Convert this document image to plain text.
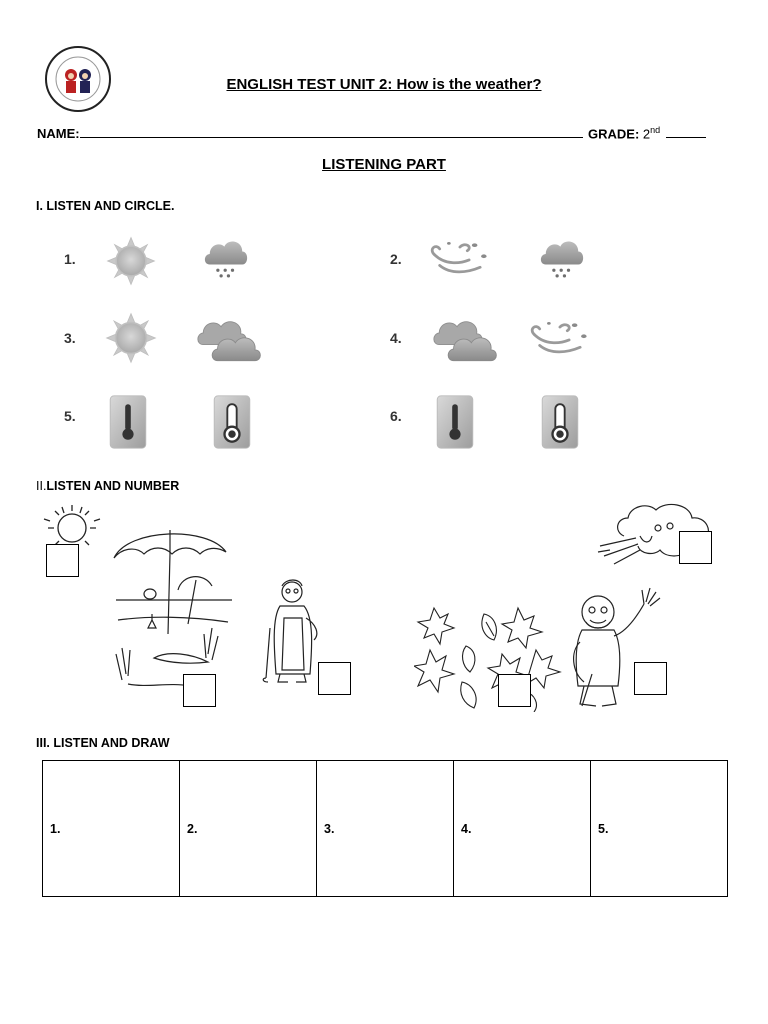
ENGLISH TEST UNIT 2: How is the weather?
NAME:	GRADE: 2nd
LISTENING PART
I. LISTEN AND CIRCLE.
1.	2.
3.	4.
5.	6.
II.LISTEN AND NUMBER
III. LISTEN AND DRAW
1.	2.	3.	4.	5.
